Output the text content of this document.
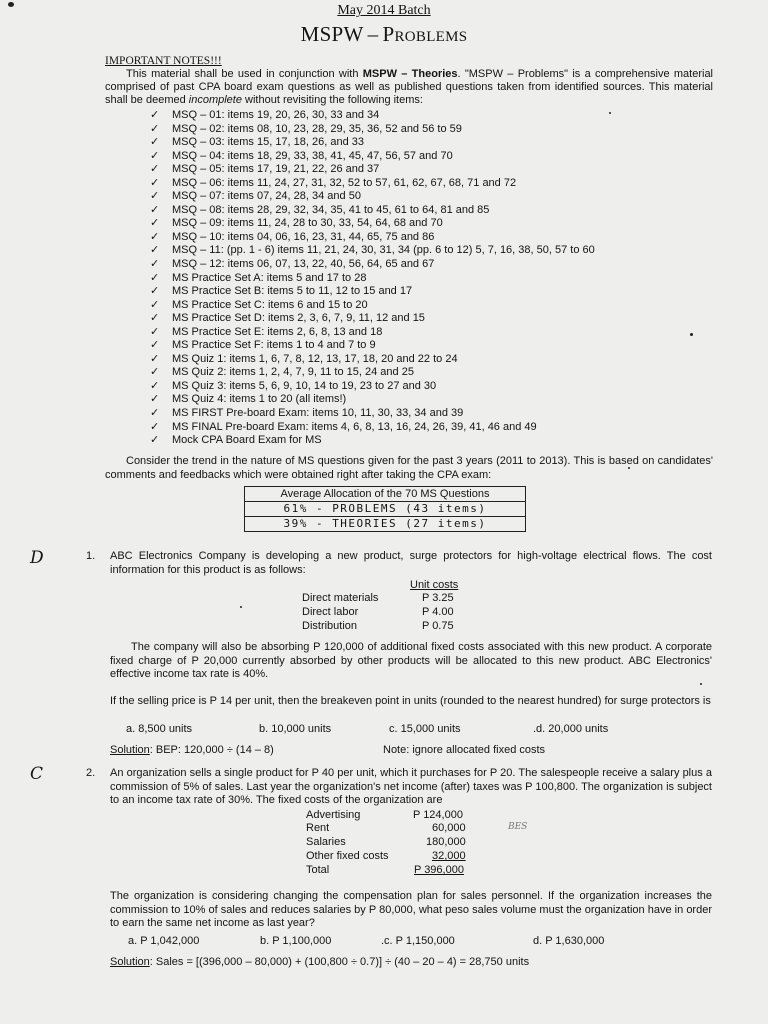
May 2014 Batch
MSPW – Problems
IMPORTANT NOTES!!!
This material shall be used in conjunction with MSPW – Theories. "MSPW – Problems" is a comprehensive material comprised of past CPA board exam questions as well as published questions taken from identified sources. This material shall be deemed incomplete without revisiting the following items:
✓	MSQ – 01: items 19, 20, 26, 30, 33 and 34
✓	MSQ – 02: items 08, 10, 23, 28, 29, 35, 36, 52 and 56 to 59
✓	MSQ – 03: items 15, 17, 18, 26, and 33
✓	MSQ – 04: items 18, 29, 33, 38, 41, 45, 47, 56, 57 and 70
✓	MSQ – 05: items 17, 19, 21, 22, 26 and 37
✓	MSQ – 06: items 11, 24, 27, 31, 32, 52 to 57, 61, 62, 67, 68, 71 and 72
✓	MSQ – 07: items 07, 24, 28, 34 and 50
✓	MSQ – 08: items 28, 29, 32, 34, 35, 41 to 45, 61 to 64, 81 and 85
✓	MSQ – 09: items 11, 24, 28 to 30, 33, 54, 64, 68 and 70
✓	MSQ – 10: items 04, 06, 16, 23, 31, 44, 65, 75 and 86
✓	MSQ – 11: (pp. 1 - 6) items 11, 21, 24, 30, 31, 34 (pp. 6 to 12) 5, 7, 16, 38, 50, 57 to 60
✓	MSQ – 12: items 06, 07, 13, 22, 40, 56, 64, 65 and 67
✓	MS Practice Set A: items 5 and 17 to 28
✓	MS Practice Set B: items 5 to 11, 12 to 15 and 17
✓	MS Practice Set C: items 6 and 15 to 20
✓	MS Practice Set D: items 2, 3, 6, 7, 9, 11, 12 and 15
✓	MS Practice Set E: items 2, 6, 8, 13 and 18
✓	MS Practice Set F: items 1 to 4 and 7 to 9
✓	MS Quiz 1: items 1, 6, 7, 8, 12, 13, 17, 18, 20 and 22 to 24
✓	MS Quiz 2: items 1, 2, 4, 7, 9, 11 to 15, 24 and 25
✓	MS Quiz 3: items 5, 6, 9, 10, 14 to 19, 23 to 27 and 30
✓	MS Quiz 4: items 1 to 20 (all items!)
✓	MS FIRST Pre-board Exam: items 10, 11, 30, 33, 34 and 39
✓	MS FINAL Pre-board Exam: items 4, 6, 8, 13, 16, 24, 26, 39, 41, 46 and 49
✓	Mock CPA Board Exam for MS
Consider the trend in the nature of MS questions given for the past 3 years (2011 to 2013). This is based on candidates' comments and feedbacks which were obtained right after taking the CPA exam:
Average Allocation of the 70 MS Questions
61% - PROBLEMS (43 items)
39% - THEORIES (27 items)
D	1. ABC Electronics Company is developing a new product, surge protectors for high-voltage electrical flows. The cost information for this product is as follows:
Unit costs
Direct materials	P 3.25
Direct labor	P 4.00
Distribution	P 0.75
The company will also be absorbing P 120,000 of additional fixed costs associated with this new product. A corporate fixed charge of P 20,000 currently absorbed by other products will be allocated to this new product. ABC Electronics' effective income tax rate is 40%.
If the selling price is P 14 per unit, then the breakeven point in units (rounded to the nearest hundred) for surge protectors is
a. 8,500 units	b. 10,000 units	c. 15,000 units	.d. 20,000 units
Solution: BEP: 120,000 ÷ (14 – 8)	Note: ignore allocated fixed costs
C	2. An organization sells a single product for P 40 per unit, which it purchases for P 20. The salespeople receive a salary plus a commission of 5% of sales. Last year the organization's net income (after) taxes was P 100,800. The organization is subject to an income tax rate of 30%. The fixed costs of the organization are
Advertising	P 124,000
Rent	60,000
Salaries	180,000
Other fixed costs	32,000
Total	P 396,000
BES
The organization is considering changing the compensation plan for sales personnel. If the organization increases the commission to 10% of sales and reduces salaries by P 80,000, what peso sales volume must the organization have in order to earn the same net income as last year?
a. P 1,042,000	b. P 1,100,000	.c. P 1,150,000	d. P 1,630,000
Solution: Sales = [(396,000 – 80,000) + (100,800 ÷ 0.7)] ÷ (40 – 20 – 4) = 28,750 units
